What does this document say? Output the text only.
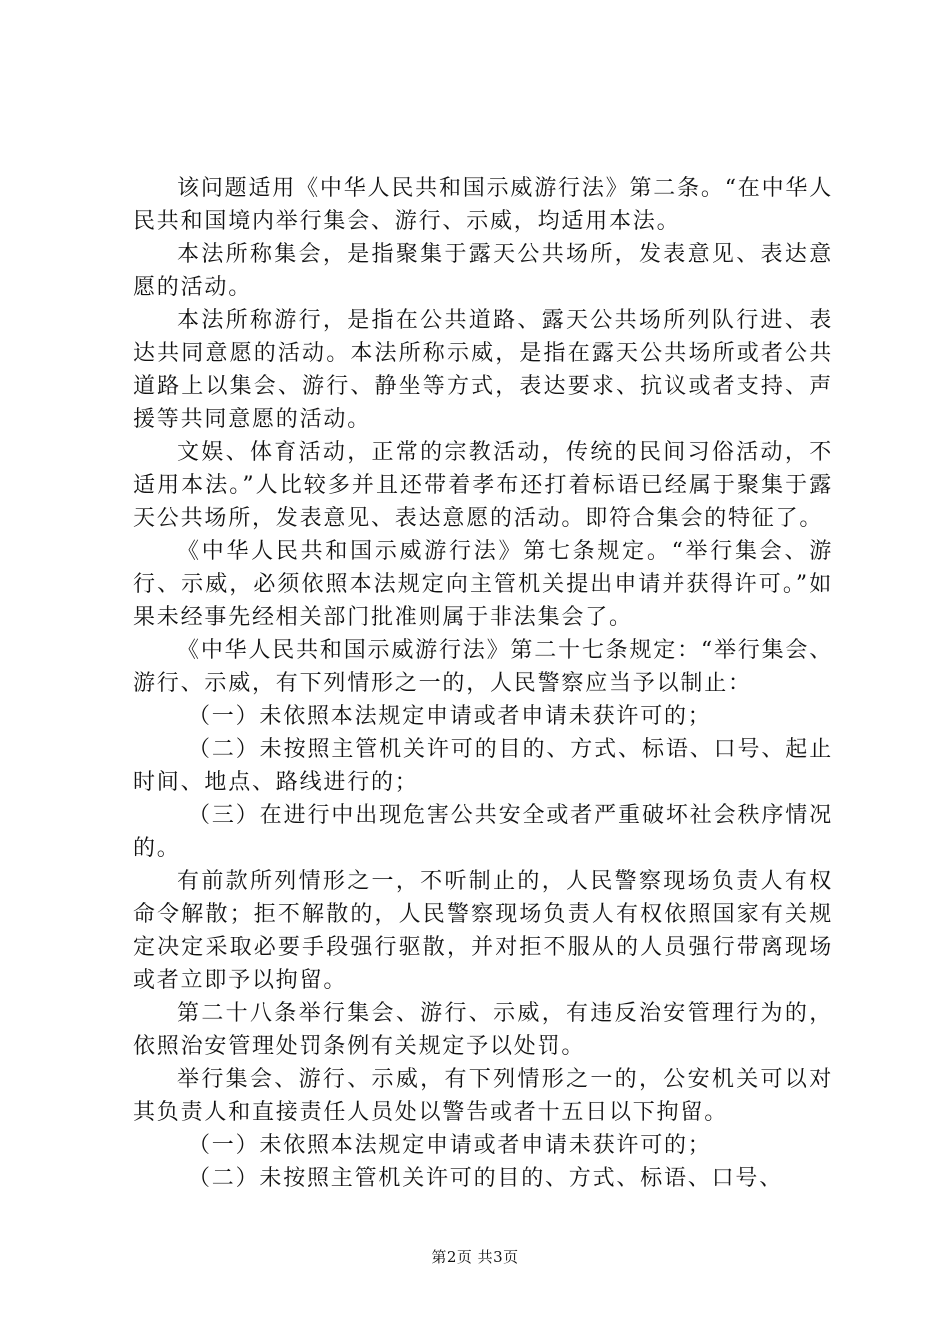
该问题适用《中华人民共和国示威游行法》第二条。“在中华人民共和国境内举行集会、游行、示威，均适用本法。

本法所称集会，是指聚集于露天公共场所，发表意见、表达意愿的活动。

本法所称游行，是指在公共道路、露天公共场所列队行进、表达共同意愿的活动。本法所称示威，是指在露天公共场所或者公共道路上以集会、游行、静坐等方式，表达要求、抗议或者支持、声援等共同意愿的活动。

文娱、体育活动，正常的宗教活动，传统的民间习俗活动，不适用本法。”人比较多并且还带着孝布还打着标语已经属于聚集于露天公共场所，发表意见、表达意愿的活动。即符合集会的特征了。

《中华人民共和国示威游行法》第七条规定。“举行集会、游行、示威，必须依照本法规定向主管机关提出申请并获得许可。”如果未经事先经相关部门批准则属于非法集会了。

《中华人民共和国示威游行法》第二十七条规定：“举行集会、游行、示威，有下列情形之一的，人民警察应当予以制止：

（一）未依照本法规定申请或者申请未获许可的；

（二）未按照主管机关许可的目的、方式、标语、口号、起止时间、地点、路线进行的；

（三）在进行中出现危害公共安全或者严重破坏社会秩序情况的。

有前款所列情形之一，不听制止的，人民警察现场负责人有权命令解散；拒不解散的，人民警察现场负责人有权依照国家有关规定决定采取必要手段强行驱散，并对拒不服从的人员强行带离现场或者立即予以拘留。

第二十八条举行集会、游行、示威，有违反治安管理行为的，依照治安管理处罚条例有关规定予以处罚。

举行集会、游行、示威，有下列情形之一的，公安机关可以对其负责人和直接责任人员处以警告或者十五日以下拘留。

（一）未依照本法规定申请或者申请未获许可的；

（二）未按照主管机关许可的目的、方式、标语、口号、

第2页 共3页
